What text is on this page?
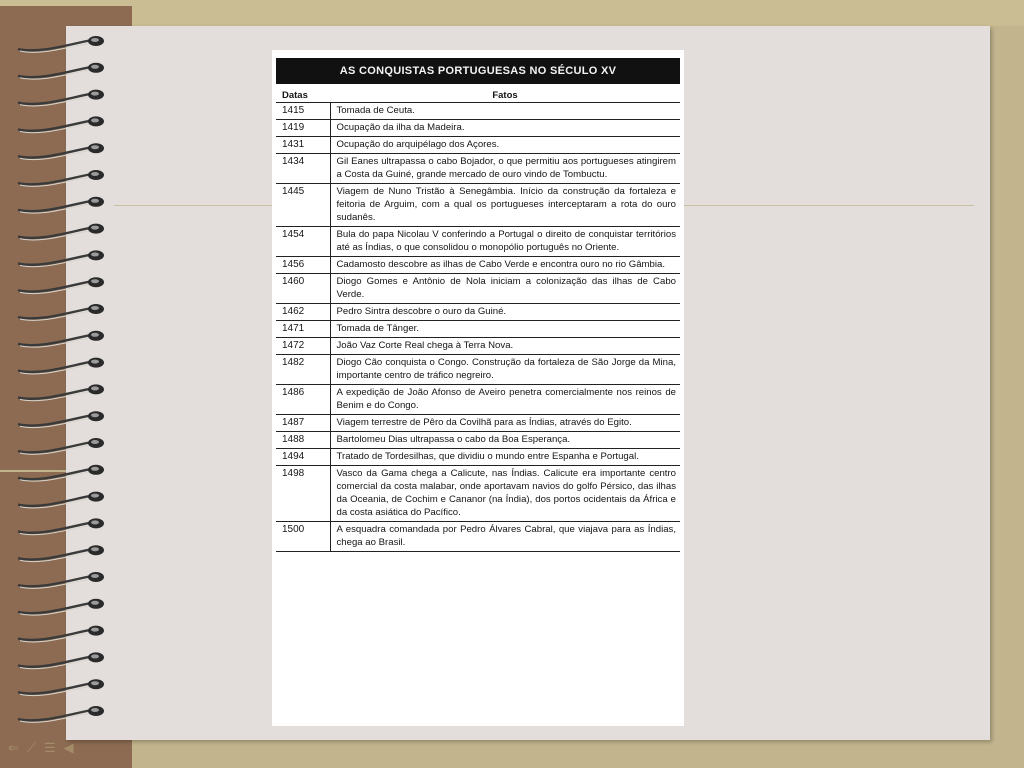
AS CONQUISTAS PORTUGUESAS NO SÉCULO XV
Datas	Fatos
1415	Tomada de Ceuta.
1419	Ocupação da ilha da Madeira.
1431	Ocupação do arquipélago dos Açores.
1434	Gil Eanes ultrapassa o cabo Bojador, o que permitiu aos portugueses atingirem a Costa da Guiné, grande mercado de ouro vindo de Tombuctu.
1445	Viagem de Nuno Tristão à Senegâmbia. Início da construção da fortaleza e feitoria de Arguim, com a qual os portugueses interceptaram a rota do ouro sudanês.
1454	Bula do papa Nicolau V conferindo a Portugal o direito de conquistar territórios até as Índias, o que consolidou o monopólio português no Oriente.
1456	Cadamosto descobre as ilhas de Cabo Verde e encontra ouro no rio Gâmbia.
1460	Diogo Gomes e Antônio de Nola iniciam a colonização das ilhas de Cabo Verde.
1462	Pedro Sintra descobre o ouro da Guiné.
1471	Tomada de Tânger.
1472	João Vaz Corte Real chega à Terra Nova.
1482	Diogo Cão conquista o Congo. Construção da fortaleza de São Jorge da Mina, importante centro de tráfico negreiro.
1486	A expedição de João Afonso de Aveiro penetra comercialmente nos reinos de Benim e do Congo.
1487	Viagem terrestre de Pêro da Covilhã para as Índias, através do Egito.
1488	Bartolomeu Dias ultrapassa o cabo da Boa Esperança.
1494	Tratado de Tordesilhas, que dividiu o mundo entre Espanha e Portugal.
1498	Vasco da Gama chega a Calicute, nas Índias. Calicute era importante centro comercial da costa malabar, onde aportavam navios do golfo Pérsico, das ilhas da Oceania, de Cochim e Cananor (na Índia), dos portos ocidentais da África e da costa asiática do Pacífico.
1500	A esquadra comandada por Pedro Álvares Cabral, que viajava para as Índias, chega ao Brasil.
⇐ ⟋ ☰ ◀
